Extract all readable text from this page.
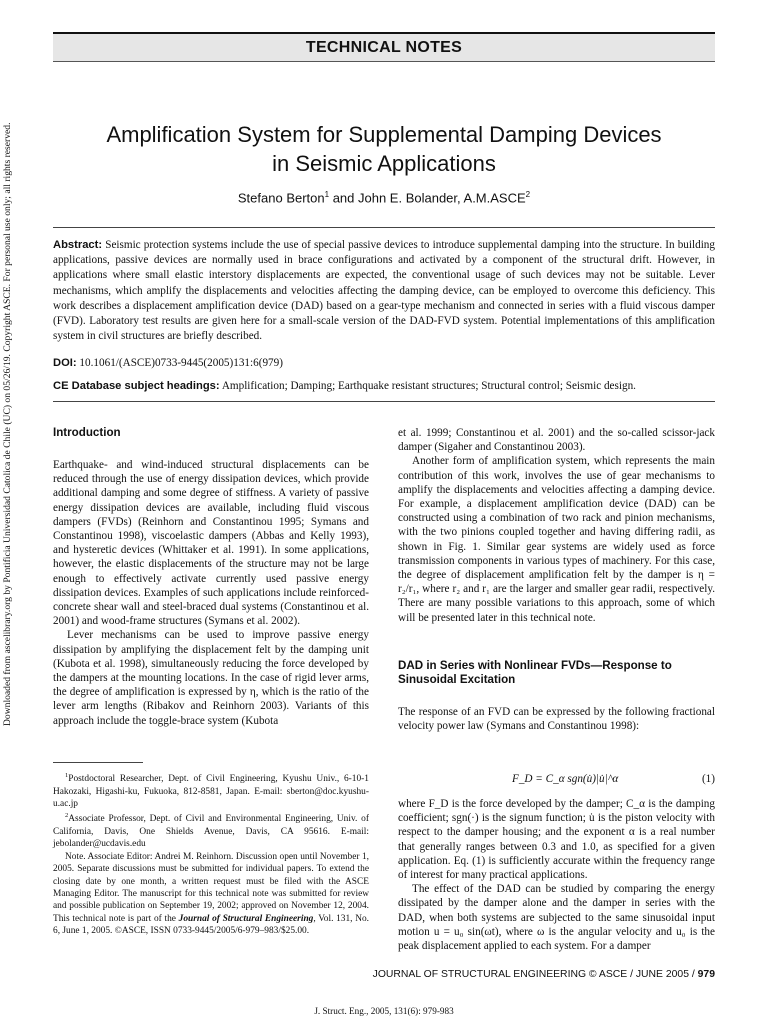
Downloaded from ascelibrary.org by Pontificia Universidad Catolica de Chile (UC) on 05/26/19. Copyright ASCE. For personal use only; all rights reserved.
TECHNICAL NOTES
Amplification System for Supplemental Damping Devices
in Seismic Applications
Stefano Berton$^1$ and John E. Bolander, A.M.ASCE$^2$
Abstract: Seismic protection systems include the use of special passive devices to introduce supplemental damping into the structure. In building applications, passive devices are normally used in brace configurations and activated by a component of the structural drift. However, in applications where small elastic interstory displacements are expected, the conventional usage of such devices may not be suitable. Lever mechanisms, which amplify the displacements and velocities affecting the damping device, can be employed to overcome this deficiency. This work describes a displacement amplification device (DAD) based on a gear-type mechanism and connected in series with a fluid viscous damper (FVD). Laboratory test results are given here for a small-scale version of the DAD-FVD system. Potential implementations of this amplification system in civil structures are briefly described.
DOI: 10.1061/(ASCE)0733-9445(2005)131:6(979)
CE Database subject headings: Amplification; Damping; Earthquake resistant structures; Structural control; Seismic design.
Introduction

Earthquake- and wind-induced structural displacements can be reduced through the use of energy dissipation devices, which provide additional damping and some degree of stiffness. A variety of passive energy dissipation devices are available, including fluid viscous dampers (FVDs) (Reinhorn and Constantinou 1995; Symans and Constantinou 1998), viscoelastic dampers (Abbas and Kelly 1993), and hysteretic devices (Whittaker et al. 1991). In some applications, however, the elastic displacements of the structure may not be large enough to effectively activate currently used passive energy dissipation devices. Examples of such applications include reinforced-concrete shear wall and steel-braced dual systems (Constantinou et al. 2001) and wood-frame structures (Symans et al. 2002).

Lever mechanisms can be used to improve passive energy dissipation by amplifying the displacement felt by the damping unit (Kubota et al. 1998), simultaneously reducing the force developed by the dampers at the mounting locations. In the case of rigid lever arms, the degree of amplification is expressed by η, which is the ratio of the lever arm lengths (Ribakov and Reinhorn 2003). Variants of this approach include the toggle-brace system (Kubota

$^1$Postdoctoral Researcher, Dept. of Civil Engineering, Kyushu Univ., 6-10-1 Hakozaki, Higashi-ku, Fukuoka, 812-8581, Japan. E-mail: sberton@doc.kyushu-u.ac.jp

$^2$Associate Professor, Dept. of Civil and Environmental Engineering, Univ. of California, Davis, One Shields Avenue, Davis, CA 95616. E-mail: jebolander@ucdavis.edu

Note. Associate Editor: Andrei M. Reinhorn. Discussion open until November 1, 2005. Separate discussions must be submitted for individual papers. To extend the closing date by one month, a written request must be filed with the ASCE Managing Editor. The manuscript for this technical note was submitted for review and possible publication on September 19, 2002; approved on November 12, 2004. This technical note is part of the Journal of Structural Engineering, Vol. 131, No. 6, June 1, 2005. ©ASCE, ISSN 0733-9445/2005/6-979–983/$25.00.

et al. 1999; Constantinou et al. 2001) and the so-called scissor-jack damper (Sigaher and Constantinou 2003).

Another form of amplification system, which represents the main contribution of this work, involves the use of gear mechanisms to amplify the displacements and velocities affecting a damping device. For example, a displacement amplification device (DAD) can be constructed using a combination of two rack and pinion mechanisms, with the two pinions coupled together and having differing radii, as shown in Fig. 1. Similar gear systems are widely used as force transmission components in various types of machinery. For this case, the degree of displacement amplification felt by the damper is η = r₂/r₁, where r₂ and r₁ are the larger and smaller gear radii, respectively. There are many possible variations to this approach, some of which will be presented later in this technical note.

DAD in Series with Nonlinear FVDs—Response to
Sinusoidal Excitation

The response of an FVD can be expressed by the following fractional velocity power law (Symans and Constantinou 1998):

F_D = C_α sgn(u̇)|u̇|^α	(1)

where F_D is the force developed by the damper; C_α is the damping coefficient; sgn(·) is the signum function; u̇ is the piston velocity with respect to the damper housing; and the exponent α is a real number that generally ranges between 0.3 and 1.0, as specified for a given application. Eq. (1) is sufficiently accurate within the frequency range of interest for many practical applications.

The effect of the DAD can be studied by comparing the energy dissipated by the damper alone and the damper in series with the DAD, when both systems are subjected to the same sinusoidal input motion u = u₀ sin(ωt), where ω is the angular velocity and u₀ is the peak displacement applied to each system. For a damper

JOURNAL OF STRUCTURAL ENGINEERING © ASCE / JUNE 2005 / 979
J. Struct. Eng., 2005, 131(6): 979-983
